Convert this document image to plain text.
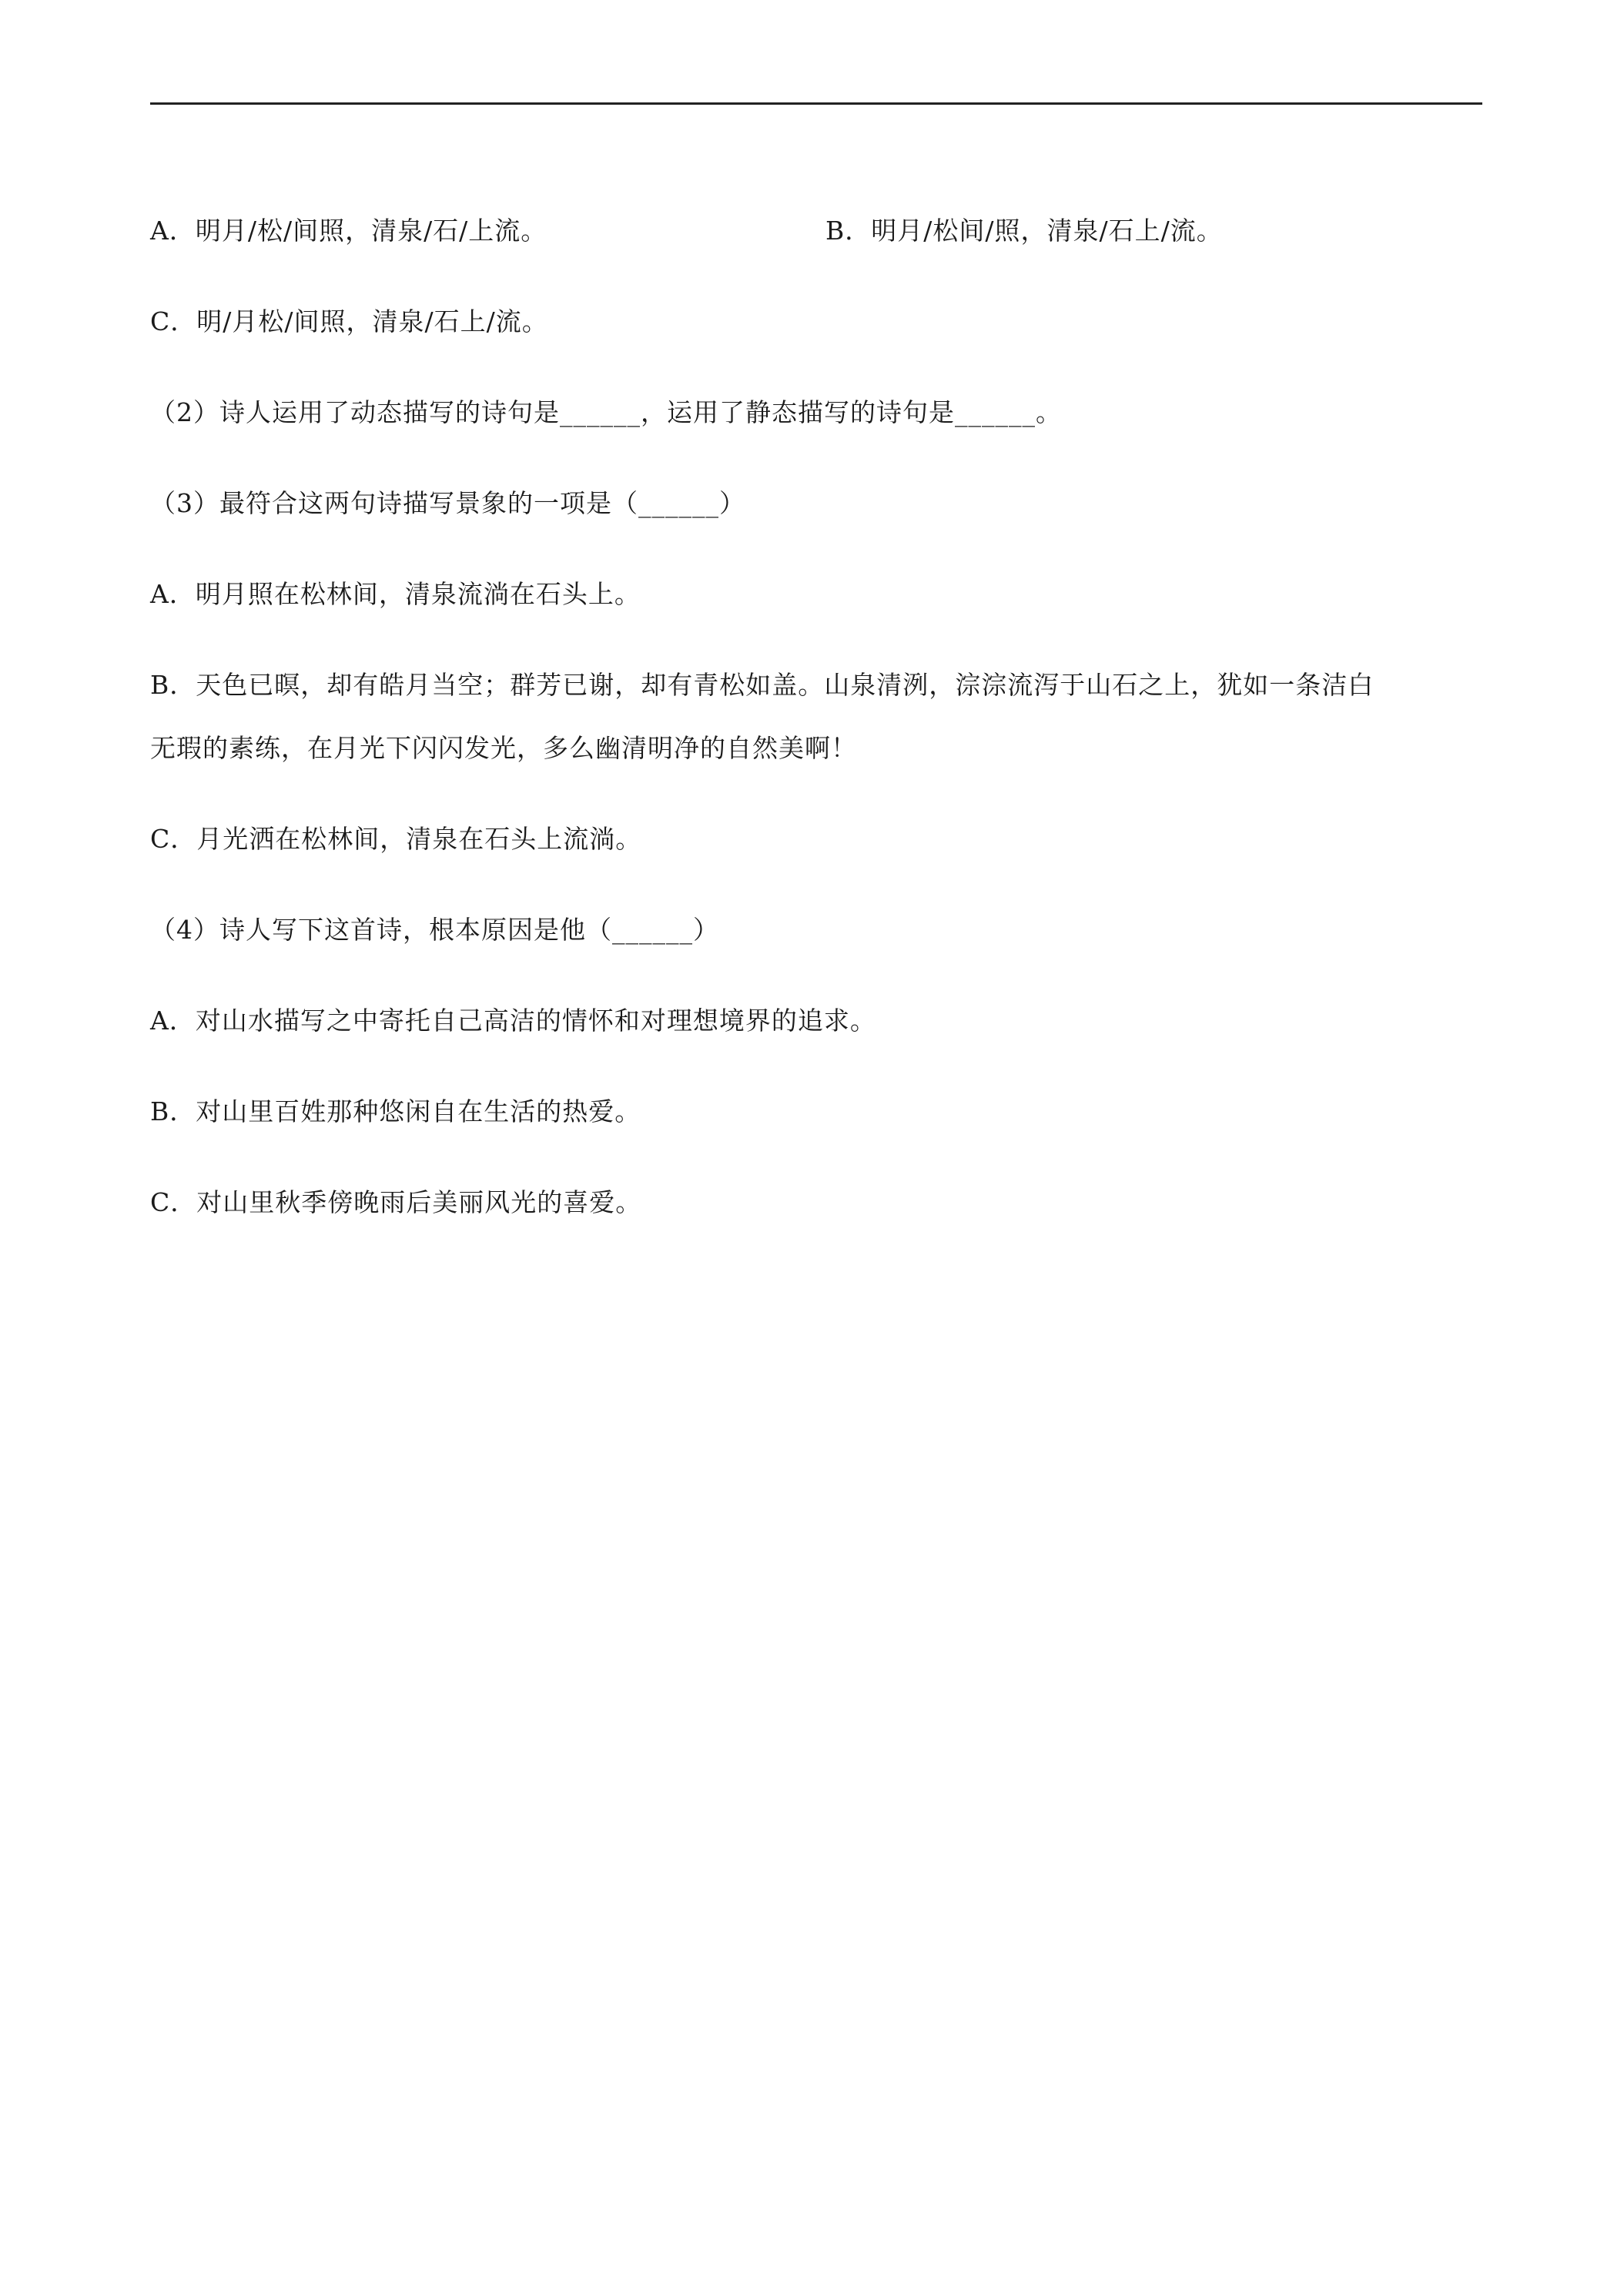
A．明月/松/间照，清泉/石/上流。	B．明月/松间/照，清泉/石上/流。
C．明/月松/间照，清泉/石上/流。
（2）诗人运用了动态描写的诗句是______，运用了静态描写的诗句是______。
（3）最符合这两句诗描写景象的一项是（______）
A．明月照在松林间，清泉流淌在石头上。
B．天色已暝，却有皓月当空；群芳已谢，却有青松如盖。山泉清洌，淙淙流泻于山石之上，犹如一条洁白
无瑕的素练，在月光下闪闪发光，多么幽清明净的自然美啊！
C．月光洒在松林间，清泉在石头上流淌。
（4）诗人写下这首诗，根本原因是他（______）
A．对山水描写之中寄托自己高洁的情怀和对理想境界的追求。
B．对山里百姓那种悠闲自在生活的热爱。
C．对山里秋季傍晚雨后美丽风光的喜爱。
